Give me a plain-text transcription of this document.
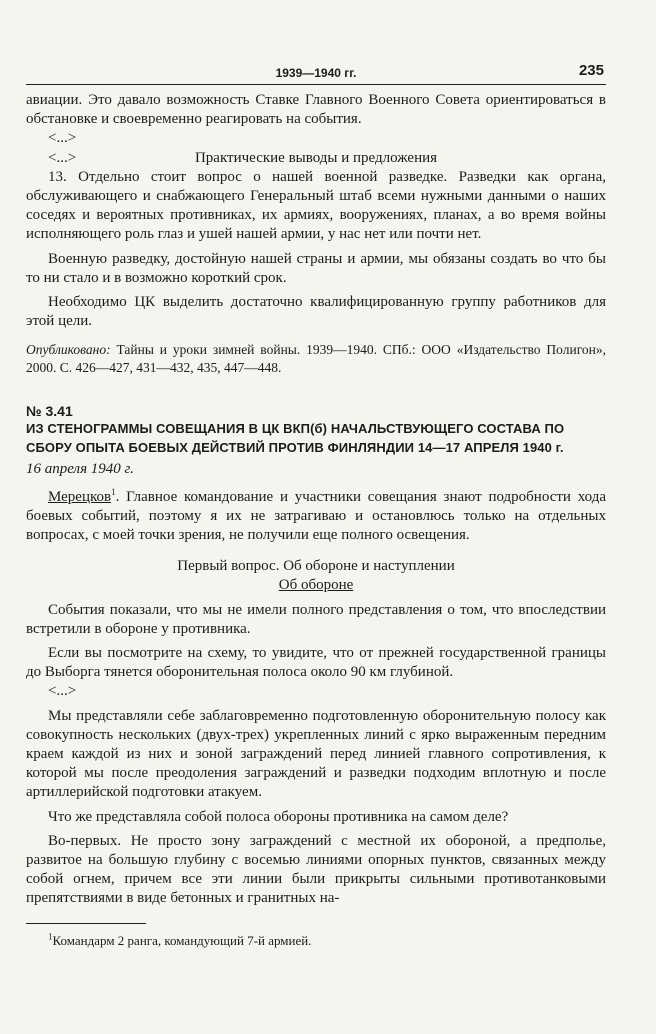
1939—1940 гг.	235

авиации. Это давало возможность Ставке Главного Военного Совета ориентироваться в обстановке и своевременно реагировать на события.

<...>

<...>	Практические выводы и предложения

13. Отдельно стоит вопрос о нашей военной разведке. Разведки как органа, обслуживающего и снабжающего Генеральный штаб всеми нужными данными о наших соседях и вероятных противниках, их армиях, вооружениях, планах, а во время войны исполняющего роль глаз и ушей нашей армии, у нас нет или почти нет.

Военную разведку, достойную нашей страны и армии, мы обязаны создать во что бы то ни стало и в возможно короткий срок.

Необходимо ЦК выделить достаточно квалифицированную группу работников для этой цели.

Опубликовано: Тайны и уроки зимней войны. 1939—1940. СПб.: ООО «Издательство Полигон», 2000. С. 426—427, 431—432, 435, 447—448.

№ 3.41

ИЗ СТЕНОГРАММЫ СОВЕЩАНИЯ В ЦК ВКП(б) НАЧАЛЬСТВУЮЩЕГО СОСТАВА ПО СБОРУ ОПЫТА БОЕВЫХ ДЕЙСТВИЙ ПРОТИВ ФИНЛЯНДИИ 14—17 АПРЕЛЯ 1940 г.

16 апреля 1940 г.

Мерецков$^1$. Главное командование и участники совещания знают подробности хода боевых событий, поэтому я их не затрагиваю и остановлюсь только на отдельных вопросах, с моей точки зрения, не получили еще полного освещения.

Первый вопрос. Об обороне и наступлении

Об обороне

События показали, что мы не имели полного представления о том, что впоследствии встретили в обороне у противника.

Если вы посмотрите на схему, то увидите, что от прежней государственной границы до Выборга тянется оборонительная полоса около 90 км глубиной.

<...>

Мы представляли себе заблаговременно подготовленную оборонительную полосу как совокупность нескольких (двух-трех) укрепленных линий с ярко выраженным передним краем каждой из них и зоной заграждений перед линией главного сопротивления, к которой мы после преодоления заграждений и разведки подходим вплотную и после артиллерийской подготовки атакуем.

Что же представляла собой полоса обороны противника на самом деле?

Во-первых. Не просто зону заграждений с местной их обороной, а предполье, развитое на большую глубину с восемью линиями опорных пунктов, связанных между собой огнем, причем все эти линии были прикрыты сильными противотанковыми препятствиями в виде бетонных и гранитных на-

$^1$Командарм 2 ранга, командующий 7-й армией.
